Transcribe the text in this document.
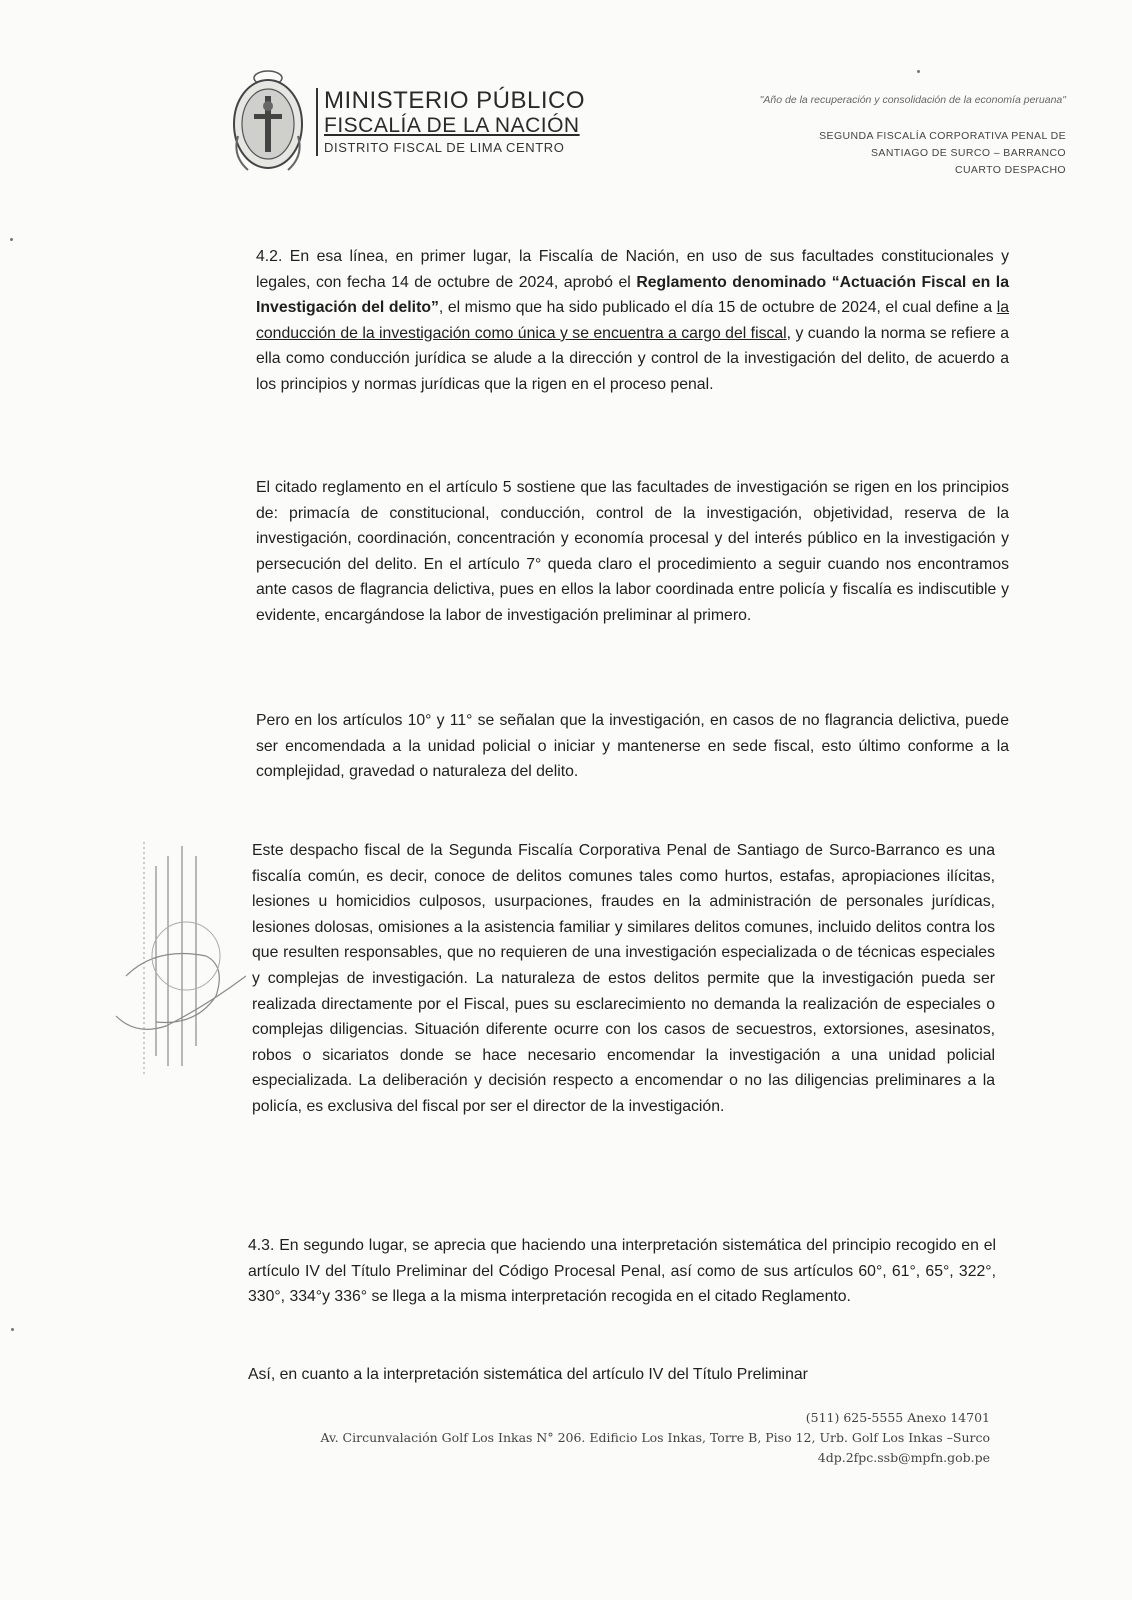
MINISTERIO PÚBLICO
FISCALÍA DE LA NACIÓN
DISTRITO FISCAL DE LIMA CENTRO
"Año de la recuperación y consolidación de la economía peruana"
SEGUNDA FISCALÍA CORPORATIVA PENAL DE
SANTIAGO DE SURCO – BARRANCO
CUARTO DESPACHO

4.2. En esa línea, en primer lugar, la Fiscalía de Nación, en uso de sus facultades constitucionales y legales, con fecha 14 de octubre de 2024, aprobó el Reglamento denominado “Actuación Fiscal en la Investigación del delito”, el mismo que ha sido publicado el día 15 de octubre de 2024, el cual define a la conducción de la investigación como única y se encuentra a cargo del fiscal, y cuando la norma se refiere a ella como conducción jurídica se alude a la dirección y control de la investigación del delito, de acuerdo a los principios y normas jurídicas que la rigen en el proceso penal.

El citado reglamento en el artículo 5 sostiene que las facultades de investigación se rigen en los principios de: primacía de constitucional, conducción, control de la investigación, objetividad, reserva de la investigación, coordinación, concentración y economía procesal y del interés público en la investigación y persecución del delito. En el artículo 7° queda claro el procedimiento a seguir cuando nos encontramos ante casos de flagrancia delictiva, pues en ellos la labor coordinada entre policía y fiscalía es indiscutible y evidente, encargándose la labor de investigación preliminar al primero.

Pero en los artículos 10° y 11° se señalan que la investigación, en casos de no flagrancia delictiva, puede ser encomendada a la unidad policial o iniciar y mantenerse en sede fiscal, esto último conforme a la complejidad, gravedad o naturaleza del delito.

Este despacho fiscal de la Segunda Fiscalía Corporativa Penal de Santiago de Surco-Barranco es una fiscalía común, es decir, conoce de delitos comunes tales como hurtos, estafas, apropiaciones ilícitas, lesiones u homicidios culposos, usurpaciones, fraudes en la administración de personales jurídicas, lesiones dolosas, omisiones a la asistencia familiar y similares delitos comunes, incluido delitos contra los que resulten responsables, que no requieren de una investigación especializada o de técnicas especiales y complejas de investigación. La naturaleza de estos delitos permite que la investigación pueda ser realizada directamente por el Fiscal, pues su esclarecimiento no demanda la realización de especiales o complejas diligencias. Situación diferente ocurre con los casos de secuestros, extorsiones, asesinatos, robos o sicariatos donde se hace necesario encomendar la investigación a una unidad policial especializada. La deliberación y decisión respecto a encomendar o no las diligencias preliminares a la policía, es exclusiva del fiscal por ser el director de la investigación.

4.3. En segundo lugar, se aprecia que haciendo una interpretación sistemática del principio recogido en el artículo IV del Título Preliminar del Código Procesal Penal, así como de sus artículos 60°, 61°, 65°, 322°, 330°, 334°y 336° se llega a la misma interpretación recogida en el citado Reglamento.

Así, en cuanto a la interpretación sistemática del artículo IV del Título Preliminar

(511) 625-5555 Anexo 14701
Av. Circunvalación Golf Los Inkas N° 206. Edificio Los Inkas, Torre B, Piso 12, Urb. Golf Los Inkas –Surco
4dp.2fpc.ssb@mpfn.gob.pe
